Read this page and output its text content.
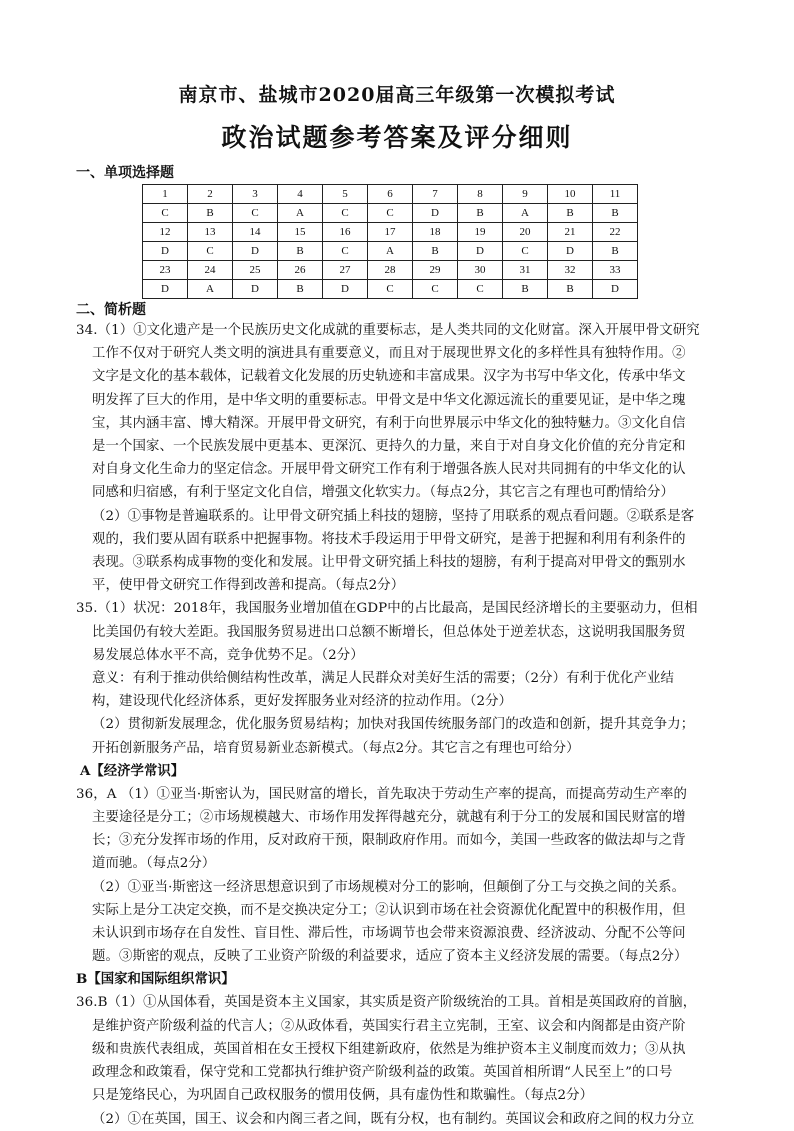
南京市、盐城市2020届高三年级第一次模拟考试
政治试题参考答案及评分细则

一、单项选择题

1	2	3	4	5	6	7	8	9	10	11
C	B	C	A	C	C	D	B	A	B	B
12	13	14	15	16	17	18	19	20	21	22
D	C	D	B	C	A	B	D	C	D	B
23	24	25	26	27	28	29	30	31	32	33
D	A	D	B	D	C	C	C	B	B	D

二、简析题

34.（1）①文化遗产是一个民族历史文化成就的重要标志，是人类共同的文化财富。深入开展甲骨文研究

工作不仅对于研究人类文明的演进具有重要意义，而且对于展现世界文化的多样性具有独特作用。②

文字是文化的基本载体，记载着文化发展的历史轨迹和丰富成果。汉字为书写中华文化，传承中华文

明发挥了巨大的作用，是中华文明的重要标志。甲骨文是中华文化源远流长的重要见证，是中华之瑰

宝，其内涵丰富、博大精深。开展甲骨文研究，有利于向世界展示中华文化的独特魅力。③文化自信

是一个国家、一个民族发展中更基本、更深沉、更持久的力量，来自于对自身文化价值的充分肯定和

对自身文化生命力的坚定信念。开展甲骨文研究工作有利于增强各族人民对共同拥有的中华文化的认

同感和归宿感，有利于坚定文化自信，增强文化软实力。（每点2分，其它言之有理也可酌情给分）

（2）①事物是普遍联系的。让甲骨文研究插上科技的翅膀，坚持了用联系的观点看问题。②联系是客

观的，我们要从固有联系中把握事物。将技术手段运用于甲骨文研究，是善于把握和利用有利条件的

表现。③联系构成事物的变化和发展。让甲骨文研究插上科技的翅膀，有利于提高对甲骨文的甄别水

平，使甲骨文研究工作得到改善和提高。（每点2分）

35.（1）状况：2018年，我国服务业增加值在GDP中的占比最高，是国民经济增长的主要驱动力，但相

比美国仍有较大差距。我国服务贸易进出口总额不断增长，但总体处于逆差状态，这说明我国服务贸

易发展总体水平不高，竞争优势不足。（2分）

意义：有利于推动供给侧结构性改革，满足人民群众对美好生活的需要；（2分）有利于优化产业结

构，建设现代化经济体系，更好发挥服务业对经济的拉动作用。（2分）

（2）贯彻新发展理念，优化服务贸易结构；加快对我国传统服务部门的改造和创新，提升其竞争力；

开拓创新服务产品，培育贸易新业态新模式。（每点2分。其它言之有理也可给分）

A【经济学常识】

36，A （1）①亚当·斯密认为，国民财富的增长，首先取决于劳动生产率的提高，而提高劳动生产率的

主要途径是分工；②市场规模越大、市场作用发挥得越充分，就越有利于分工的发展和国民财富的增

长；③充分发挥市场的作用，反对政府干预，限制政府作用。而如今，美国一些政客的做法却与之背

道而驰。（每点2分）

（2）①亚当·斯密这一经济思想意识到了市场规模对分工的影响，但颠倒了分工与交换之间的关系。

实际上是分工决定交换，而不是交换决定分工；②认识到市场在社会资源优化配置中的积极作用，但

未认识到市场存在自发性、盲目性、滞后性，市场调节也会带来资源浪费、经济波动、分配不公等问

题。③斯密的观点，反映了工业资产阶级的利益要求，适应了资本主义经济发展的需要。（每点2分）

B【国家和国际组织常识】

36.B（1）①从国体看，英国是资本主义国家，其实质是资产阶级统治的工具。首相是英国政府的首脑，

是维护资产阶级利益的代言人；②从政体看，英国实行君主立宪制，王室、议会和内阁都是由资产阶

级和贵族代表组成，英国首相在女王授权下组建新政府，依然是为维护资本主义制度而效力；③从执

政理念和政策看，保守党和工党都执行维护资产阶级利益的政策。英国首相所谓“人民至上”的口号

只是笼络民心，为巩固自己政权服务的惯用伎俩，具有虚伪性和欺骗性。（每点2分）

（2）①在英国，国王、议会和内阁三者之间，既有分权，也有制约。英国议会和政府之间的权力分立
